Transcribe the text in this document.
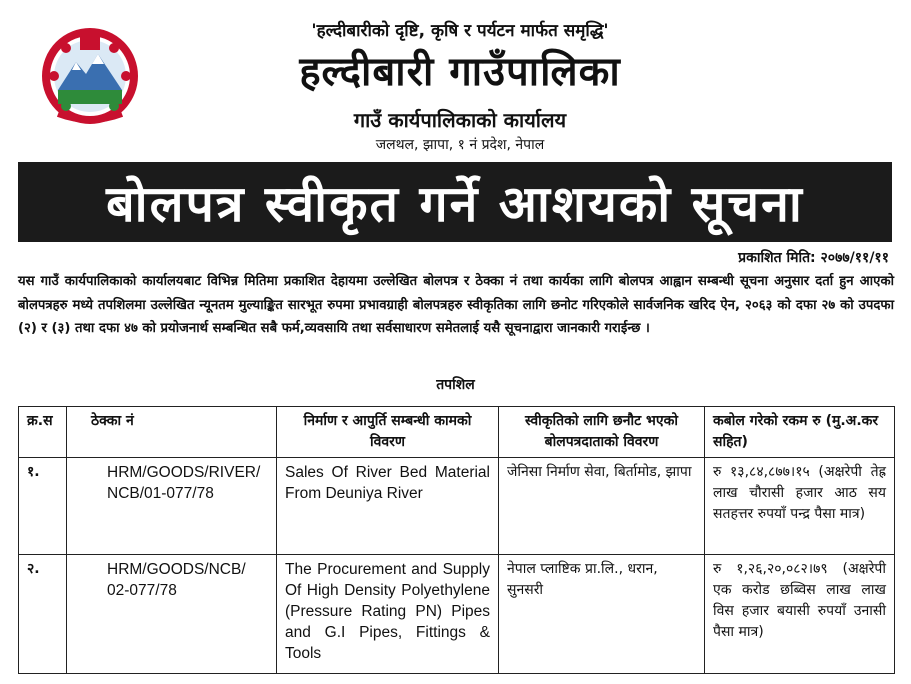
'हल्दीबारीको दृष्टि, कृषि र पर्यटन मार्फत समृद्धि'
हल्दीबारी गाउँपालिका
गाउँ कार्यपालिकाको कार्यालय
जलथल, झापा, १ नं प्रदेश, नेपाल
बोलपत्र स्वीकृत गर्ने आशयको सूचना
प्रकाशित मिति: २०७७/११/११
यस गाउँ कार्यपालिकाको कार्यालयबाट विभिन्न मितिमा प्रकाशित देहायमा उल्लेखित बोलपत्र र ठेक्का नं तथा कार्यका लागि बोलपत्र आह्वान सम्बन्धी सूचना अनुसार दर्ता हुन आएको बोलपत्रहरु मध्ये तपशिलमा उल्लेखित न्यूनतम मुल्याङ्कित सारभूत रुपमा प्रभावग्राही बोलपत्रहरु स्वीकृतिका लागि छनोट गरिएकोले सार्वजनिक खरिद ऐन, २०६३ को दफा २७ को उपदफा (२) र (३) तथा दफा ४७ को प्रयोजनार्थ सम्बन्धित सबै फर्म,व्यवसायि तथा सर्वसाधारण समेतलाई यसै सूचनाद्वारा जानकारी गराईन्छ ।
तपशिल
क्र.स	ठेक्का नं	निर्माण र आपुर्ति सम्बन्धी कामको विवरण	स्वीकृतिको लागि छनौट भएको बोलपत्रदाताको विवरण	कबोल गरेको रकम रु (मु.अ.कर सहित)
१.	HRM/GOODS/RIVER/ NCB/01-077/78	Sales Of River Bed Material From Deuniya River	जेनिसा निर्माण सेवा, बिर्तामोड, झापा	रु १३,८४,८७७।१५ (अक्षरेपी तेह्र लाख चौरासी हजार आठ सय सतहत्तर रुपयाँ पन्द्र पैसा मात्र)
२.	HRM/GOODS/NCB/ 02-077/78	The Procurement and Supply Of High Density Polyethylene (Pressure Rating PN) Pipes and G.I Pipes, Fittings & Tools	नेपाल प्लाष्टिक प्रा.लि., धरान, सुनसरी	रु १,२६,२०,०८२।७९ (अक्षरेपी एक करोड छब्विस लाख लाख विस हजार बयासी रुपयाँ उनासी पैसा मात्र)
